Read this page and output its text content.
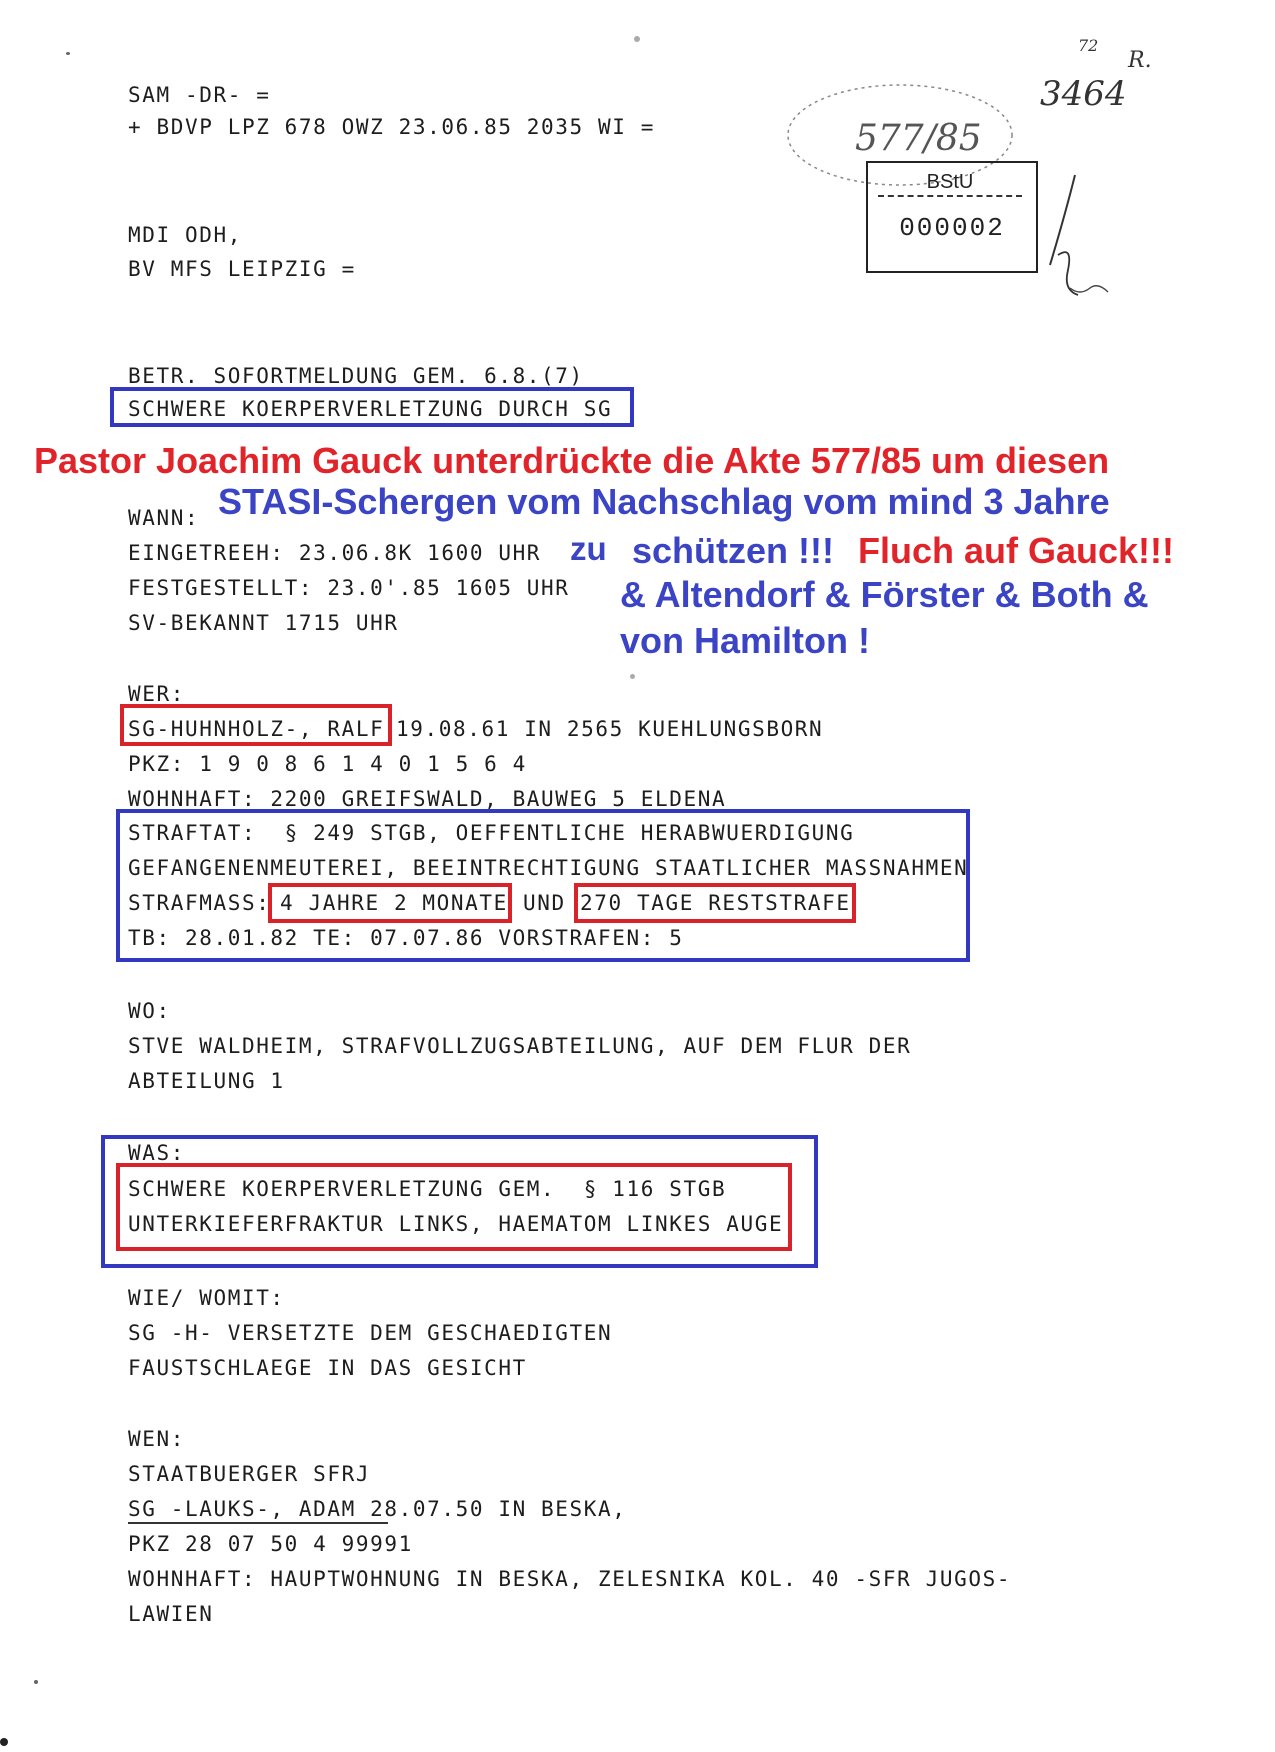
SAM -DR- =
+ BDVP LPZ 678 OWZ 23.06.85 2035 WI =
MDI ODH,
BV MFS LEIPZIG =
577/85
3464
72
R.
BStU
000002
BETR. SOFORTMELDUNG GEM. 6.8.(7)
SCHWERE KOERPERVERLETZUNG DURCH SG
Pastor Joachim Gauck unterdrückte die Akte 577/85 um diesen
STASI-Schergen vom Nachschlag vom mind 3 Jahre
zu schützen !!! Fluch auf Gauck!!!
& Altendorf & Förster & Both &
von Hamilton !
WANN:
EINGETREEH: 23.06.8K 1600 UHR
FESTGESTELLT: 23.0'.85 1605 UHR
SV-BEKANNT 1715 UHR
WER:
SG-HUHNHOLZ-, RALF 19.08.61 IN 2565 KUEHLUNGSBORN
PKZ: 1 9 0 8 6 1 4 0 1 5 6 4
WOHNHAFT: 2200 GREIFSWALD, BAUWEG 5 ELDENA
STRAFTAT:  § 249 STGB, OEFFENTLICHE HERABWUERDIGUNG
GEFANGENENMEUTEREI, BEEINTRECHTIGUNG STAATLICHER MASSNAHMEN
STRAFMASS: 4 JAHRE 2 MONATE UND 270 TAGE RESTSTRAFE
TB: 28.01.82 TE: 07.07.86 VORSTRAFEN: 5
WO:
STVE WALDHEIM, STRAFVOLLZUGSABTEILUNG, AUF DEM FLUR DER
ABTEILUNG 1
WAS:
SCHWERE KOERPERVERLETZUNG GEM.  § 116 STGB
UNTERKIEFERFRAKTUR LINKS, HAEMATOM LINKES AUGE
WIE/ WOMIT:
SG -H- VERSETZTE DEM GESCHAEDIGTEN
FAUSTSCHLAEGE IN DAS GESICHT
WEN:
STAATBUERGER SFRJ
SG -LAUKS-, ADAM 28.07.50 IN BESKA,
PKZ 28 07 50 4 99991
WOHNHAFT: HAUPTWOHNUNG IN BESKA, ZELESNIKA KOL. 40 -SFR JUGOS-
LAWIEN
